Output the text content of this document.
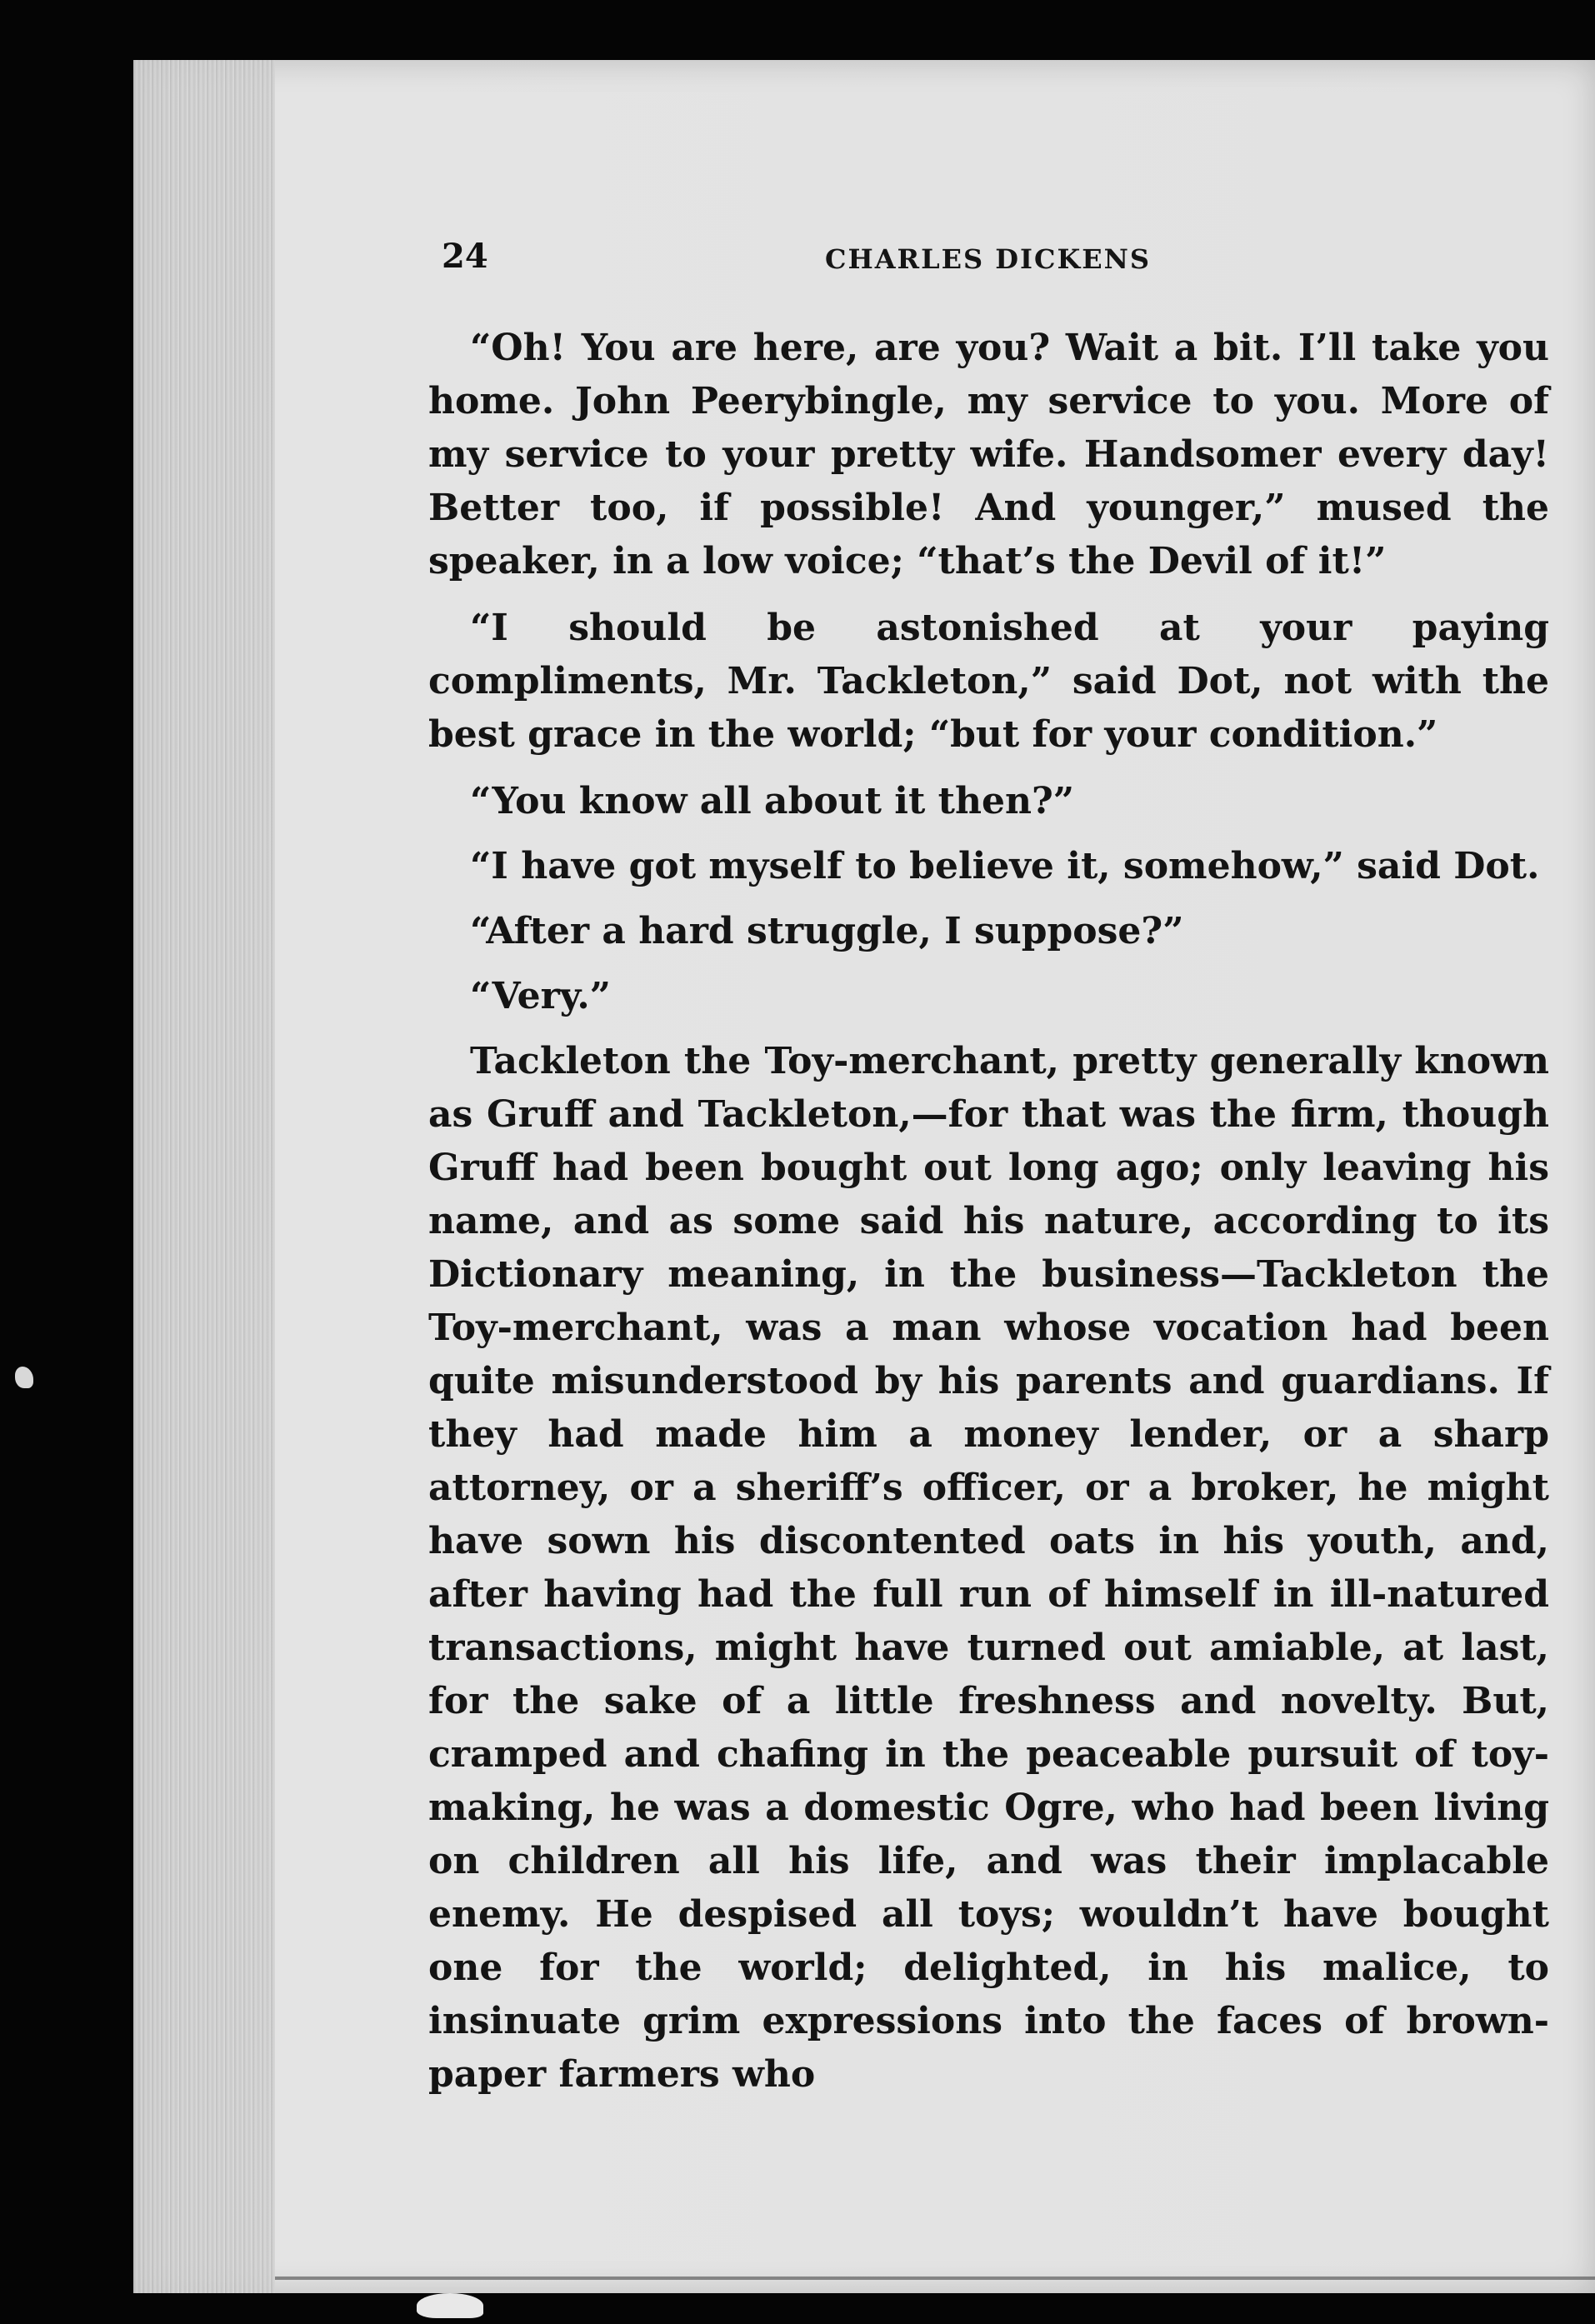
24	CHARLES DICKENS

“Oh! You are here, are you? Wait a bit. I’ll take you home. John Peerybingle, my service to you. More of my service to your pretty wife. Handsomer every day! Better too, if possible! And younger,” mused the speaker, in a low voice; “that’s the Devil of it!”

“I should be astonished at your paying compliments, Mr. Tackleton,” said Dot, not with the best grace in the world; “but for your condition.”

“You know all about it then?”

“I have got myself to believe it, somehow,” said Dot.

“After a hard struggle, I suppose?”

“Very.”

Tackleton the Toy-merchant, pretty generally known as Gruff and Tackleton,—for that was the firm, though Gruff had been bought out long ago; only leaving his name, and as some said his nature, according to its Dictionary meaning, in the business—Tackleton the Toy-merchant, was a man whose vocation had been quite misunderstood by his parents and guardians. If they had made him a money lender, or a sharp attorney, or a sheriff’s officer, or a broker, he might have sown his discontented oats in his youth, and, after having had the full run of himself in ill-natured transactions, might have turned out amiable, at last, for the sake of a little freshness and novelty. But, cramped and chafing in the peaceable pursuit of toy-making, he was a domestic Ogre, who had been living on children all his life, and was their implacable enemy. He despised all toys; wouldn’t have bought one for the world; delighted, in his malice, to insinuate grim expressions into the faces of brown-paper farmers who
